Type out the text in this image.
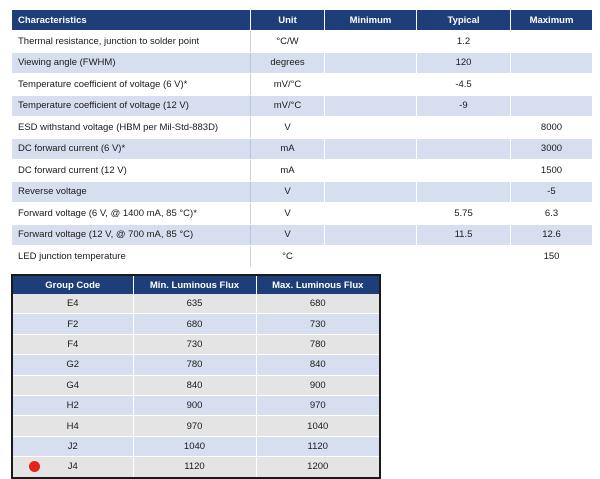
Characteristics	Unit	Minimum	Typical	Maximum
Thermal resistance, junction to solder point	°C/W		1.2	
Viewing angle (FWHM)	degrees		120	
Temperature coefficient of voltage (6 V)*	mV/°C		-4.5	
Temperature coefficient of voltage (12 V)	mV/°C		-9	
ESD withstand voltage (HBM per Mil-Std-883D)	V			8000
DC forward current (6 V)*	mA			3000
DC forward current (12 V)	mA			1500
Reverse voltage	V			-5
Forward voltage (6 V, @ 1400 mA, 85 °C)*	V		5.75	6.3
Forward voltage (12 V, @ 700 mA, 85 °C)	V		11.5	12.6
LED junction temperature	°C			150
Group Code	Min. Luminous Flux	Max. Luminous Flux
E4	635	680
F2	680	730
F4	730	780
G2	780	840
G4	840	900
H2	900	970
H4	970	1040
J2	1040	1120

J4	1120	1200
